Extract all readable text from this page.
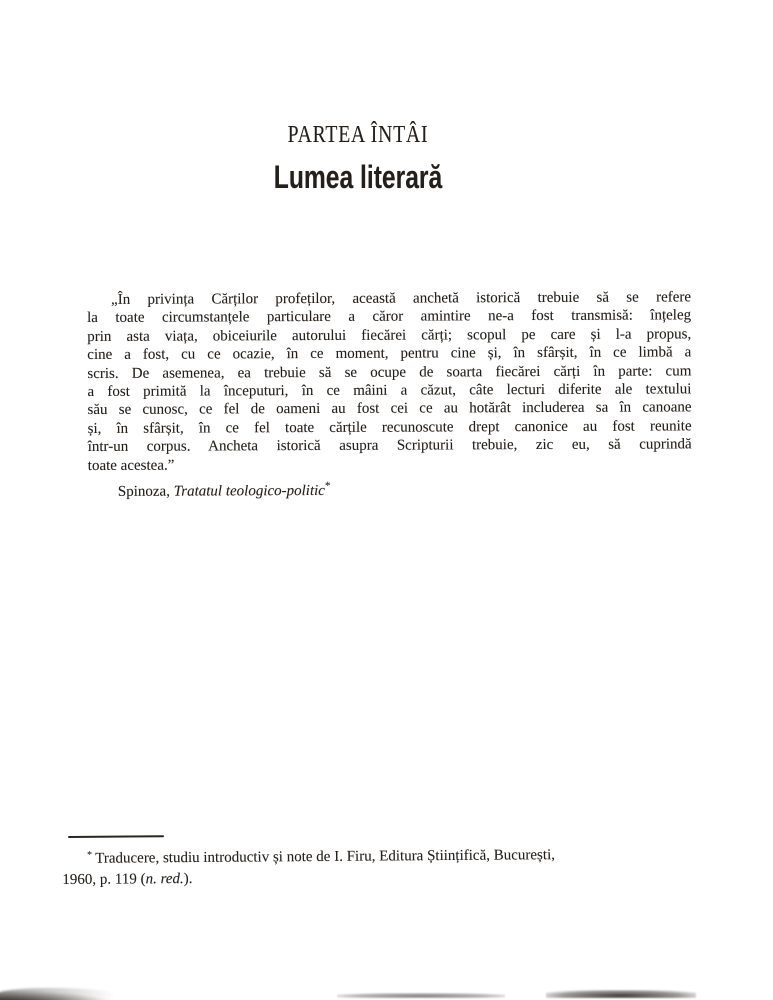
PARTEA ÎNTÂI
Lumea literară
„În privința Cărților profeților, această anchetă istorică trebuie să se refere
la toate circumstanțele particulare a căror amintire ne-a fost transmisă: înțeleg
prin asta viața, obiceiurile autorului fiecărei cărți; scopul pe care și l-a propus,
cine a fost, cu ce ocazie, în ce moment, pentru cine și, în sfârșit, în ce limbă a
scris. De asemenea, ea trebuie să se ocupe de soarta fiecărei cărți în parte: cum
a fost primită la începuturi, în ce mâini a căzut, câte lecturi diferite ale textului
său se cunosc, ce fel de oameni au fost cei ce au hotărât includerea sa în canoane
și, în sfârșit, în ce fel toate cărțile recunoscute drept canonice au fost reunite
într-un corpus. Ancheta istorică asupra Scripturii trebuie, zic eu, să cuprindă
toate acestea.”
Spinoza, Tratatul teologico-politic*
* Traducere, studiu introductiv și note de I. Firu, Editura Științifică, București,
1960, p. 119 (n. red.).
